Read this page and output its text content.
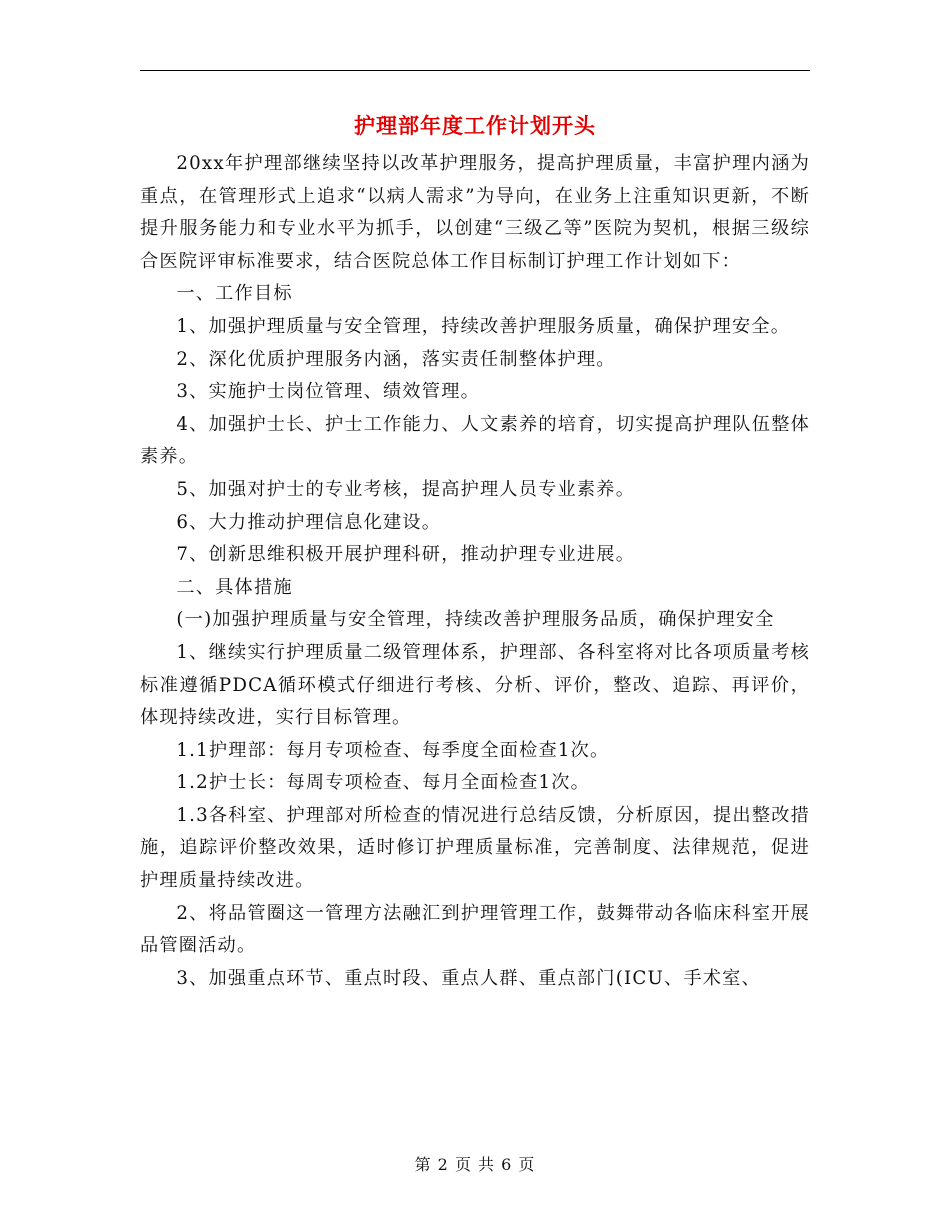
护理部年度工作计划开头

20xx年护理部继续坚持以改革护理服务，提高护理质量，丰富护理内涵为重点，在管理形式上追求“以病人需求”为导向，在业务上注重知识更新，不断提升服务能力和专业水平为抓手，以创建“三级乙等”医院为契机，根据三级综合医院评审标准要求，结合医院总体工作目标制订护理工作计划如下：

一、工作目标

1、加强护理质量与安全管理，持续改善护理服务质量，确保护理安全。

2、深化优质护理服务内涵，落实责任制整体护理。

3、实施护士岗位管理、绩效管理。

4、加强护士长、护士工作能力、人文素养的培育，切实提高护理队伍整体素养。

5、加强对护士的专业考核，提高护理人员专业素养。

6、大力推动护理信息化建设。

7、创新思维积极开展护理科研，推动护理专业进展。

二、具体措施

(一)加强护理质量与安全管理，持续改善护理服务品质，确保护理安全

1、继续实行护理质量二级管理体系，护理部、各科室将对比各项质量考核标准遵循PDCA循环模式仔细进行考核、分析、评价，整改、追踪、再评价，体现持续改进，实行目标管理。

1.1护理部：每月专项检查、每季度全面检查1次。

1.2护士长：每周专项检查、每月全面检查1次。

1.3各科室、护理部对所检查的情况进行总结反馈，分析原因，提出整改措施，追踪评价整改效果，适时修订护理质量标准，完善制度、法律规范，促进护理质量持续改进。

2、将品管圈这一管理方法融汇到护理管理工作，鼓舞带动各临床科室开展品管圈活动。

3、加强重点环节、重点时段、重点人群、重点部门(ICU、手术室、

第 2 页 共 6 页
